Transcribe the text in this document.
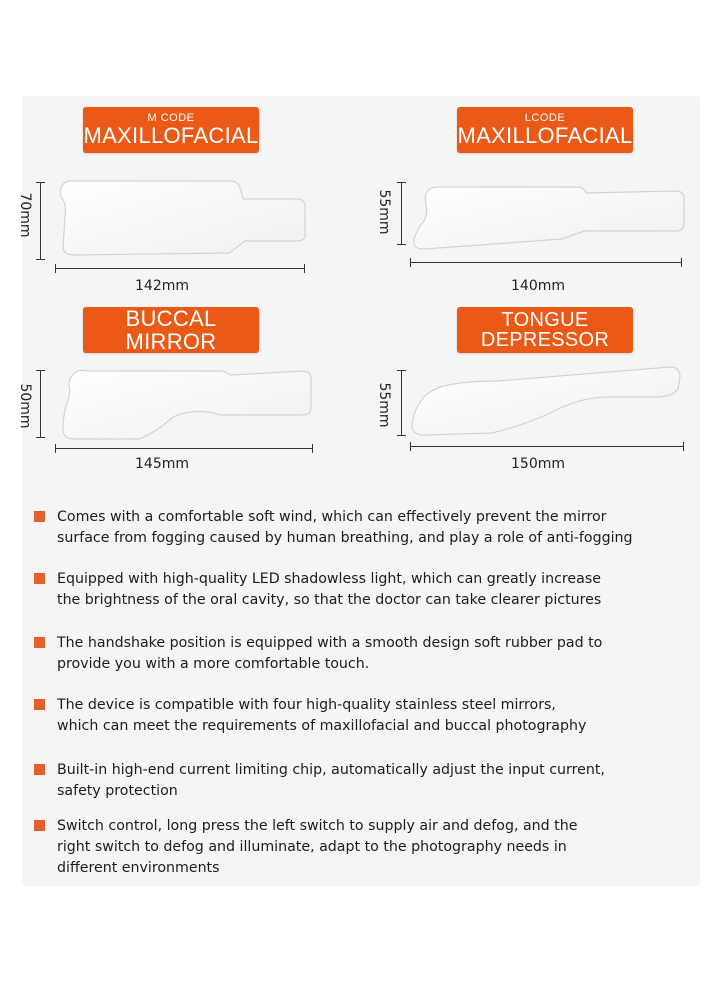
M CODE
MAXILLOFACIAL
70mm
142mm
LCODE
MAXILLOFACIAL
55mm
140mm
BUCCAL MIRROR
50mm
145mm
TONGUE
DEPRESSOR
55mm
150mm
Comes with a comfortable soft wind, which can effectively prevent the mirror
surface from fogging caused by human breathing, and play a role of anti-fogging
Equipped with high-quality LED shadowless light, which can greatly increase
the brightness of the oral cavity, so that the doctor can take clearer pictures
The handshake position is equipped with a smooth design soft rubber pad to
provide you with a more comfortable touch.
The device is compatible with four high-quality stainless steel mirrors,
which can meet the requirements of maxillofacial and buccal photography
Built-in high-end current limiting chip, automatically adjust the input current,
safety protection
Switch control, long press the left switch to supply air and defog, and the
right switch to defog and illuminate, adapt to the photography needs in
different environments
